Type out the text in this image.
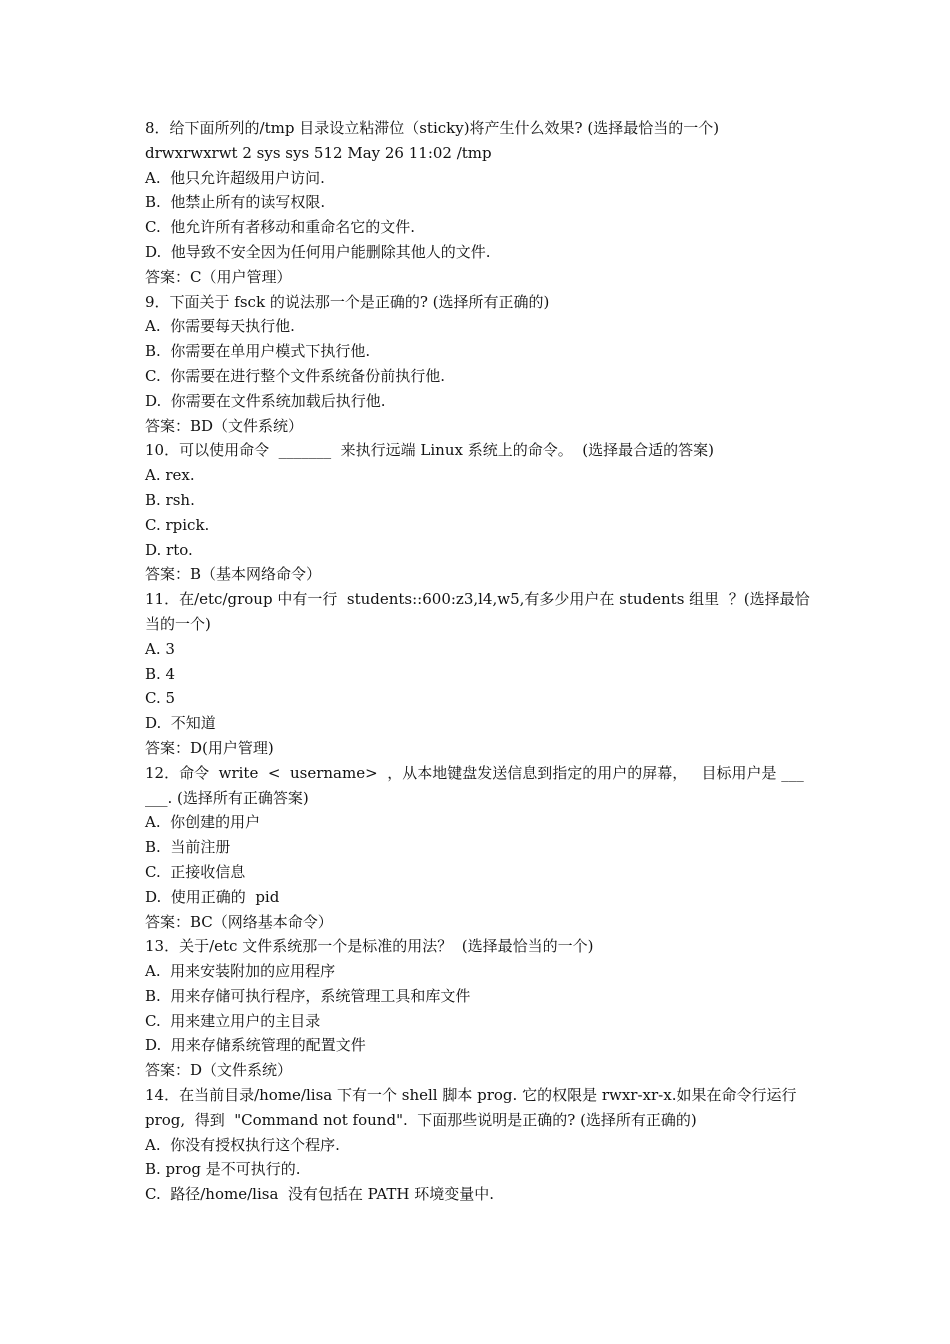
8．给下面所列的/tmp 目录设立粘滞位（sticky)将产生什么效果? (选择最恰当的一个)
drwxrwxrwt 2 sys sys 512 May 26 11:02 /tmp
A.  他只允许超级用户访问.
B.  他禁止所有的读写权限.
C.  他允许所有者移动和重命名它的文件.
D.  他导致不安全因为任何用户能删除其他人的文件.
答案：C（用户管理）
9．下面关于 fsck 的说法那一个是正确的? (选择所有正确的)
A.  你需要每天执行他.
B.  你需要在单用户模式下执行他.
C.  你需要在进行整个文件系统备份前执行他.
D.  你需要在文件系统加载后执行他.
答案：BD（文件系统）
10．可以使用命令  _______  来执行远端 Linux 系统上的命令。  (选择最合适的答案)
A. rex.
B. rsh.
C. rpick.
D. rto.
答案：B（基本网络命令）
11．在/etc/group 中有一行  students::600:z3,l4,w5,有多少用户在 students 组里  ？(选择最恰当的一个)
A. 3
B. 4
C. 5
D.  不知道
答案：D(用户管理)
12．命令  write  <  username>  ，从本地键盘发送信息到指定的用户的屏幕，   目标用户是 ______. (选择所有正确答案)
A.  你创建的用户
B.  当前注册
C.  正接收信息
D.  使用正确的  pid
答案：BC（网络基本命令）
13．关于/etc 文件系统那一个是标准的用法？  (选择最恰当的一个)
A.  用来安装附加的应用程序
B.  用来存储可执行程序，系统管理工具和库文件
C.  用来建立用户的主目录
D.  用来存储系统管理的配置文件
答案：D（文件系统）
14．在当前目录/home/lisa 下有一个 shell 脚本 prog. 它的权限是 rwxr-xr-x.如果在命令行运行 prog,  得到  "Command not found".  下面那些说明是正确的? (选择所有正确的)
A.  你没有授权执行这个程序.
B. prog 是不可执行的.
C.  路径/home/lisa  没有包括在 PATH 环境变量中.
